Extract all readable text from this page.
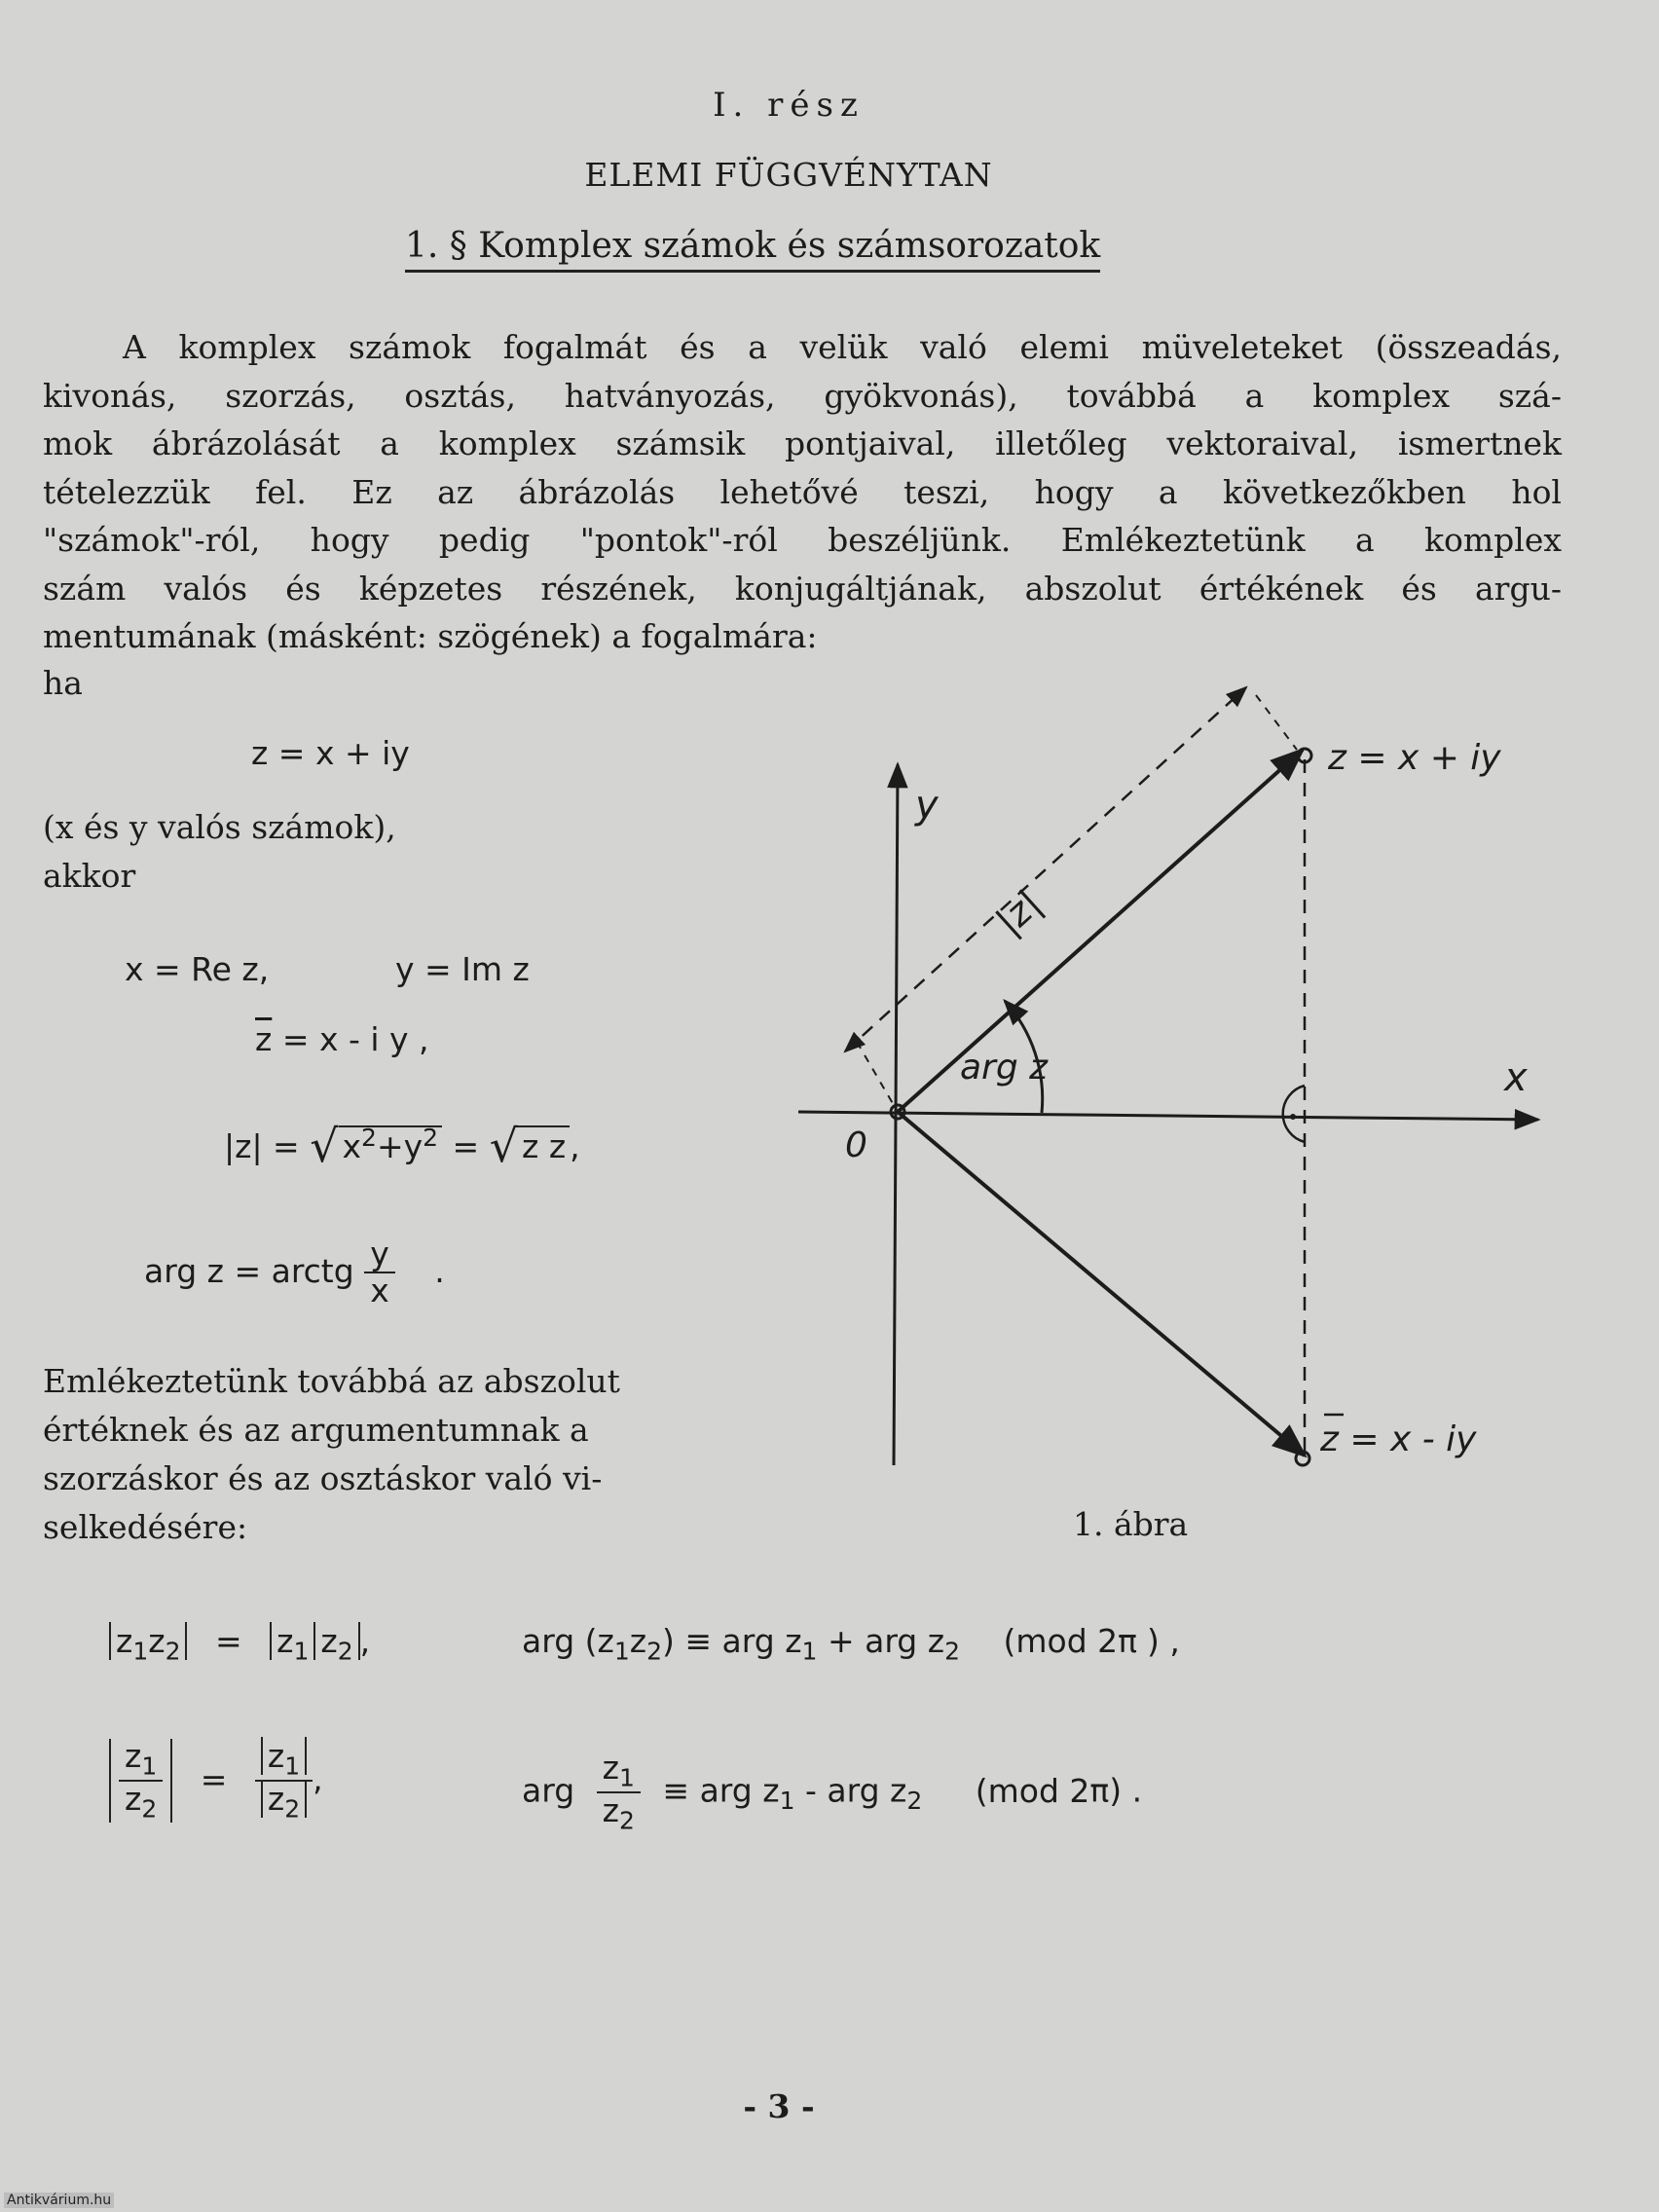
I. rész
ELEMI FÜGGVÉNYTAN
1. § Komplex számok és számsorozatok
A komplex számok fogalmát és a velük való elemi müveleteket (összeadás,
kivonás, szorzás, osztás, hatványozás, gyökvonás), továbbá a komplex szá-
mok ábrázolását a komplex számsik pontjaival, illetőleg vektoraival, ismertnek
tételezzük fel. Ez az ábrázolás lehetővé teszi, hogy a következőkben hol
"számok"-ról, hogy pedig "pontok"-ról beszéljünk. Emlékeztetünk a komplex
szám valós és képzetes részének, konjugáltjának, abszolut értékének és argu-
mentumának (másként: szögének) a fogalmára:
ha
z = x + iy
(x és y valós számok),
akkor
x = Re z,	y = Im z
$\overline{z} = x - i$ y ,
|z| = √ $x^2+y^2$ = √ z z ,
arg z = arctg $\frac{y}{x}$ .
Emlékeztetünk továbbá az abszolut
értéknek és az argumentumnak a
szorzáskor és az osztáskor való vi-
selkedésére:
y
x
0
|z|
arg z
z = x + iy
z = x - iy
1. ábra
$z_1z_2 = z_1$ $z_2$ ,	arg $(z_1z_2)$ ≡ arg $z_1$ + arg $z_2$ (mod 2π ) ,
$\frac{z_1}{z_2} = \frac{z_1}{z_2}$ ,	arg $\frac{z_1}{z_2}$ ≡ arg $z_1$ - arg $z_2$ (mod 2π) .
- 3 -
Antikvárium.hu
